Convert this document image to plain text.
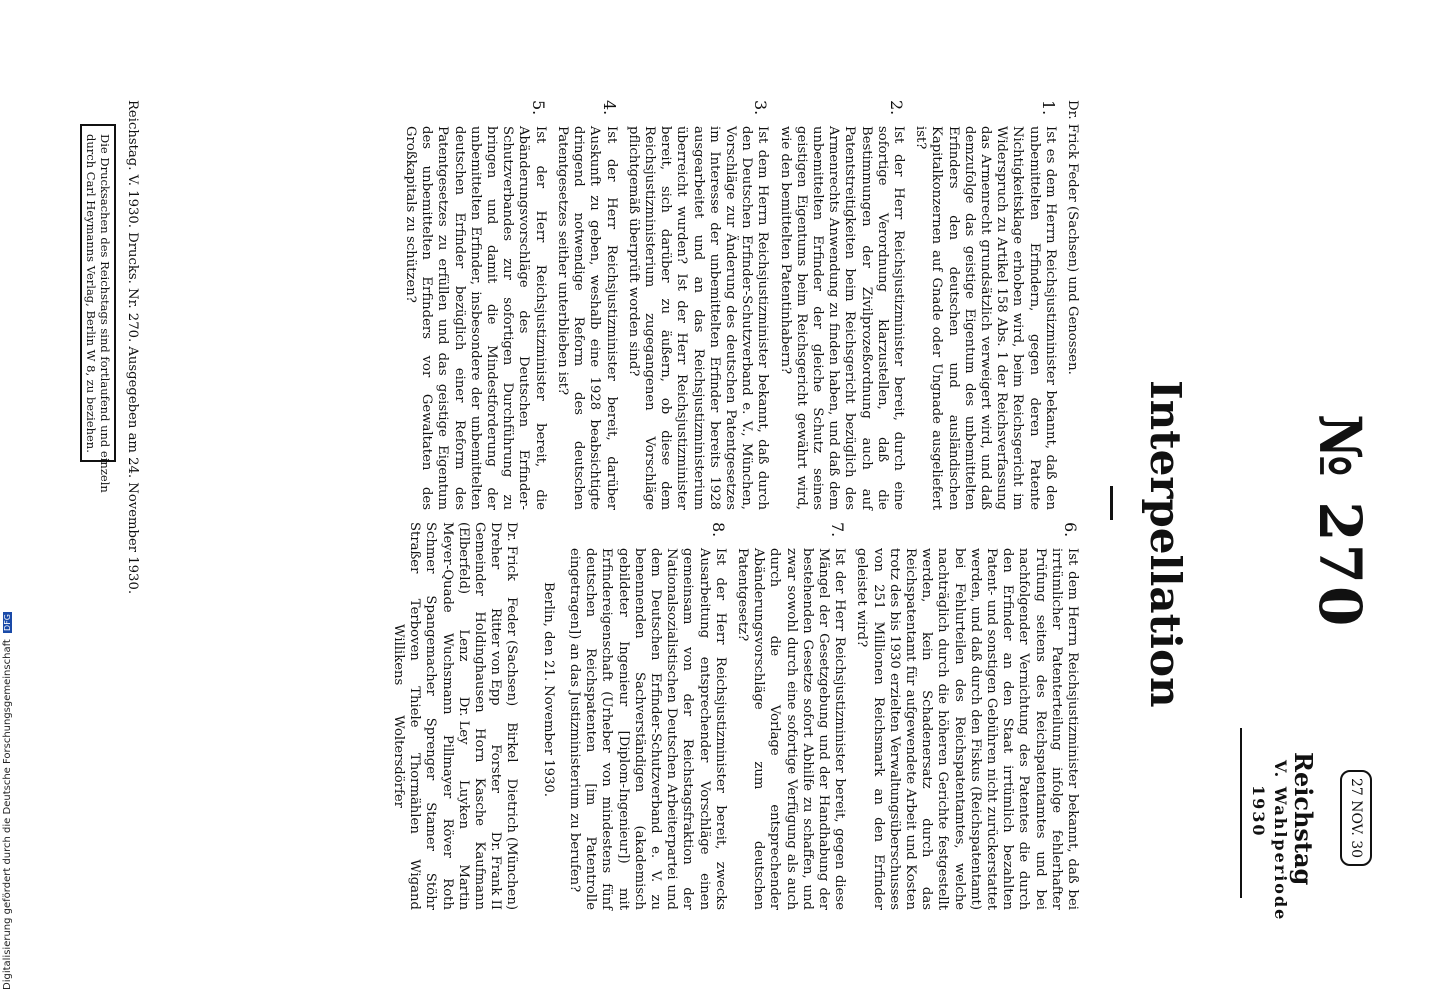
№ 270
27 NOV. 30
Reichstag
V. Wahlperiode
1930
Interpellation

Dr. Frick Feder (Sachsen) und Genossen.

1.

Ist es dem Herrn Reichsjustizminister bekannt, daß den unbemittelten Erfindern, gegen deren Patente Nichtigkeitsklage erhoben wird, beim Reichsgericht im Widerspruch zu Artikel 158 Abs. 1 der Reichsverfassung das Armenrecht grundsätzlich verweigert wird, und daß demzufolge das geistige Eigentum des unbemittelten Erfinders den deutschen und ausländischen Kapitalkonzernen auf Gnade oder Ungnade ausgeliefert ist?

2.

Ist der Herr Reichsjustizminister bereit, durch eine sofortige Verordnung klarzustellen, daß die Bestimmungen der Zivilprozeßordnung auch auf Patentstreitigkeiten beim Reichsgericht bezüglich des Armenrechts Anwendung zu finden haben, und daß dem unbemittelten Erfinder der gleiche Schutz seines geistigen Eigentums beim Reichsgericht gewährt wird, wie den bemittelten Patentinhabern?

3.

Ist dem Herrn Reichsjustizminister bekannt, daß durch den Deutschen Erfinder-Schutzverband e. V., München, Vorschläge zur Änderung des deutschen Patentgesetzes im Interesse der unbemittelten Erfinder bereits 1928 ausgearbeitet und an das Reichsjustizministerium überreicht wurden? Ist der Herr Reichsjustizminister bereit, sich darüber zu äußern, ob diese dem Reichsjustizministerium zugegangenen Vorschläge pflichtgemäß überprüft worden sind?

4.

Ist der Herr Reichsjustizminister bereit, darüber Auskunft zu geben, weshalb eine 1928 beabsichtigte dringend notwendige Reform des deutschen Patentgesetzes seither unterblieben ist?

5.

Ist der Herr Reichsjustizminister bereit, die Abänderungsvorschläge des Deutschen Erfinder-Schutzverbandes zur sofortigen Durchführung zu bringen und damit die Mindestforderung der unbemittelten Erfinder, insbesondere der unbemittelten deutschen Erfinder bezüglich einer Reform des Patentgesetzes zu erfüllen und das geistige Eigentum des unbemittelten Erfinders vor Gewaltaten des Großkapitals zu schützen?

6.

Ist dem Herrn Reichsjustizminister bekannt, daß bei irrtümlicher Patenterteilung infolge fehlerhafter Prüfung seitens des Reichspatentamtes und bei nachfolgender Vernichtung des Patentes die durch den Erfinder an den Staat irrtümlich bezahlten Patent- und sonstigen Gebühren nicht zurückerstattet werden, und daß durch den Fiskus (Reichspatentamt) bei Fehlurteilen des Reichspatentamtes, welche nachträglich durch die höheren Gerichte festgestellt werden, kein Schadenersatz durch das Reichspatentamt für aufgewendete Arbeit und Kosten trotz des bis 1930 erzielten Verwaltungsüberschusses von 251 Millionen Reichsmark an den Erfinder geleistet wird?

7.

Ist der Herr Reichsjustizminister bereit, gegen diese Mängel der Gesetzgebung und der Handhabung der bestehenden Gesetze sofort Abhilfe zu schaffen, und zwar sowohl durch eine sofortige Verfügung als auch durch die Vorlage entsprechender Abänderungsvorschläge zum deutschen Patentgesetz?

8.

Ist der Herr Reichsjustizminister bereit, zwecks Ausarbeitung entsprechender Vorschläge einen gemeinsam von der Reichstagsfraktion der Nationalsozialistischen Deutschen Arbeiterpartei und dem Deutschen Erfinder-Schutzverband e. V. zu benennenden Sachverständigen (akademisch gebildeter Ingenieur [Diplom-Ingenieur]) mit Erfindereigenschaft (Urheber von mindestens fünf deutschen Reichspatenten [im Patentrolle eingetragen]) an das Justizministerium zu berufen?

Berlin, den 21. November 1930.

Dr. Frick
Feder (Sachsen)
Birkel
Dietrich (München)
Dreher
Ritter von Epp
Forster
Dr. Frank II
Gemeinder
Holdinghausen
Horn
Kasche
Kaufmann
(Elberfeld)
Lenz
Dr. Ley
Luyken
Martin
Meyer-Quade
Wuchsmann
Pillmayer
Röver
Roth
Schmer
Spangemacher
Sprenger
Stamer
Stöhr
Straßer
Terboven
Thiele
Thormählen
Wigand
Willikens
Woltersdörfer
Reichstag. V. 1930. Drucks. Nr. 270. Ausgegeben am 24. November 1930.
Die Drucksachen des Reichstags sind fortlaufend und einzeln
durch Carl Heymanns Verlag, Berlin W 8, zu beziehen.
Digitalisierung gefördert durch die Deutsche Forschungsgemeinschaft DFG
